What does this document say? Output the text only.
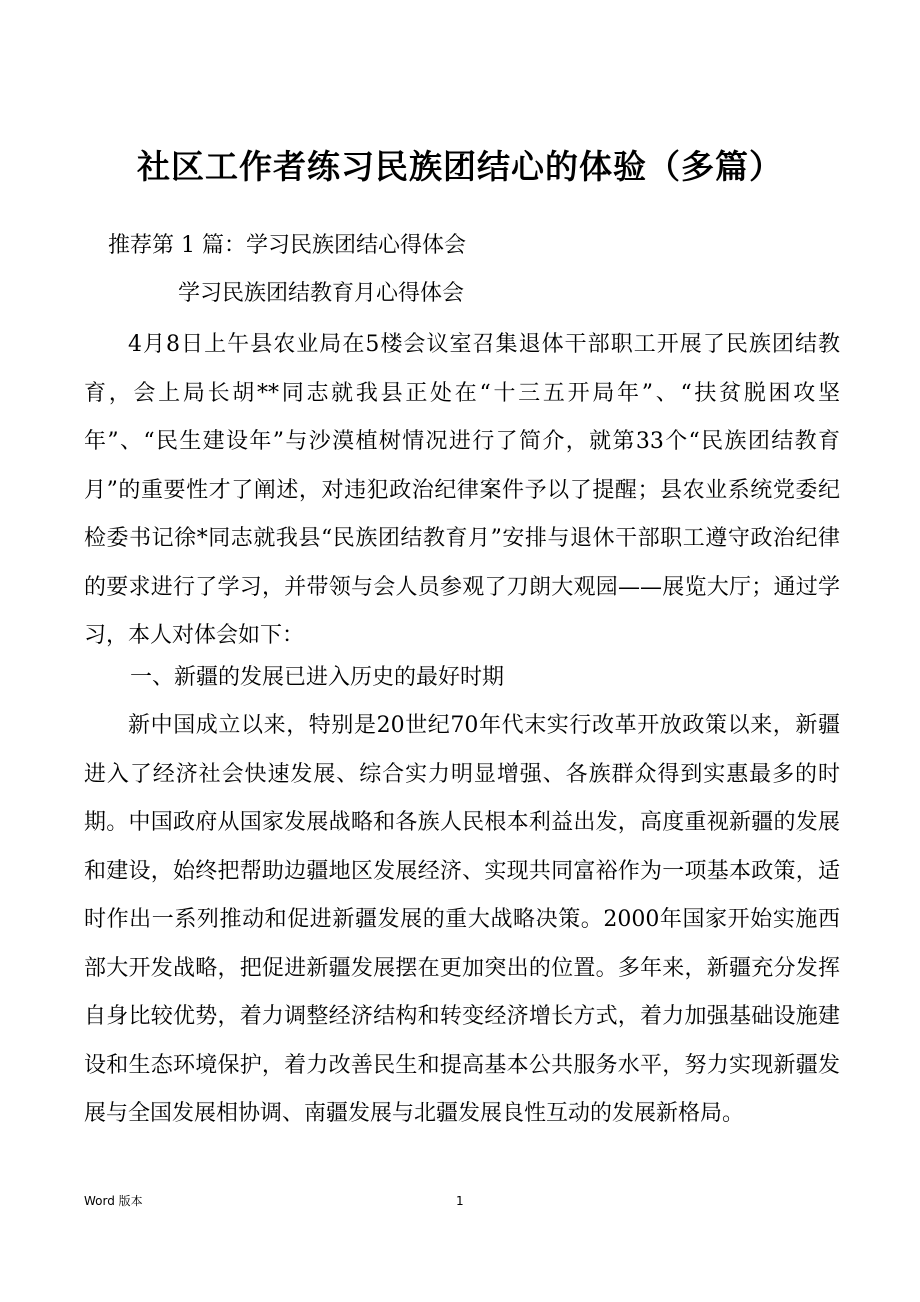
社区工作者练习民族团结心的体验（多篇）

推荐第 1 篇：学习民族团结心得体会

学习民族团结教育月心得体会

4月8日上午县农业局在5楼会议室召集退体干部职工开展了民族团结教育，会上局长胡**同志就我县正处在“十三五开局年”、“扶贫脱困攻坚年”、“民生建设年”与沙漠植树情况进行了简介，就第33个“民族团结教育月”的重要性才了阐述，对违犯政治纪律案件予以了提醒；县农业系统党委纪检委书记徐*同志就我县“民族团结教育月”安排与退休干部职工遵守政治纪律的要求进行了学习，并带领与会人员参观了刀朗大观园——展览大厅；通过学习，本人对体会如下：

一、新疆的发展已进入历史的最好时期

新中国成立以来，特别是20世纪70年代末实行改革开放政策以来，新疆进入了经济社会快速发展、综合实力明显增强、各族群众得到实惠最多的时期。中国政府从国家发展战略和各族人民根本利益出发，高度重视新疆的发展和建设，始终把帮助边疆地区发展经济、实现共同富裕作为一项基本政策，适时作出一系列推动和促进新疆发展的重大战略决策。2000年国家开始实施西部大开发战略，把促进新疆发展摆在更加突出的位置。多年来，新疆充分发挥自身比较优势，着力调整经济结构和转变经济增长方式，着力加强基础设施建设和生态环境保护，着力改善民生和提高基本公共服务水平，努力实现新疆发展与全国发展相协调、南疆发展与北疆发展良性互动的发展新格局。

Word 版本	1
